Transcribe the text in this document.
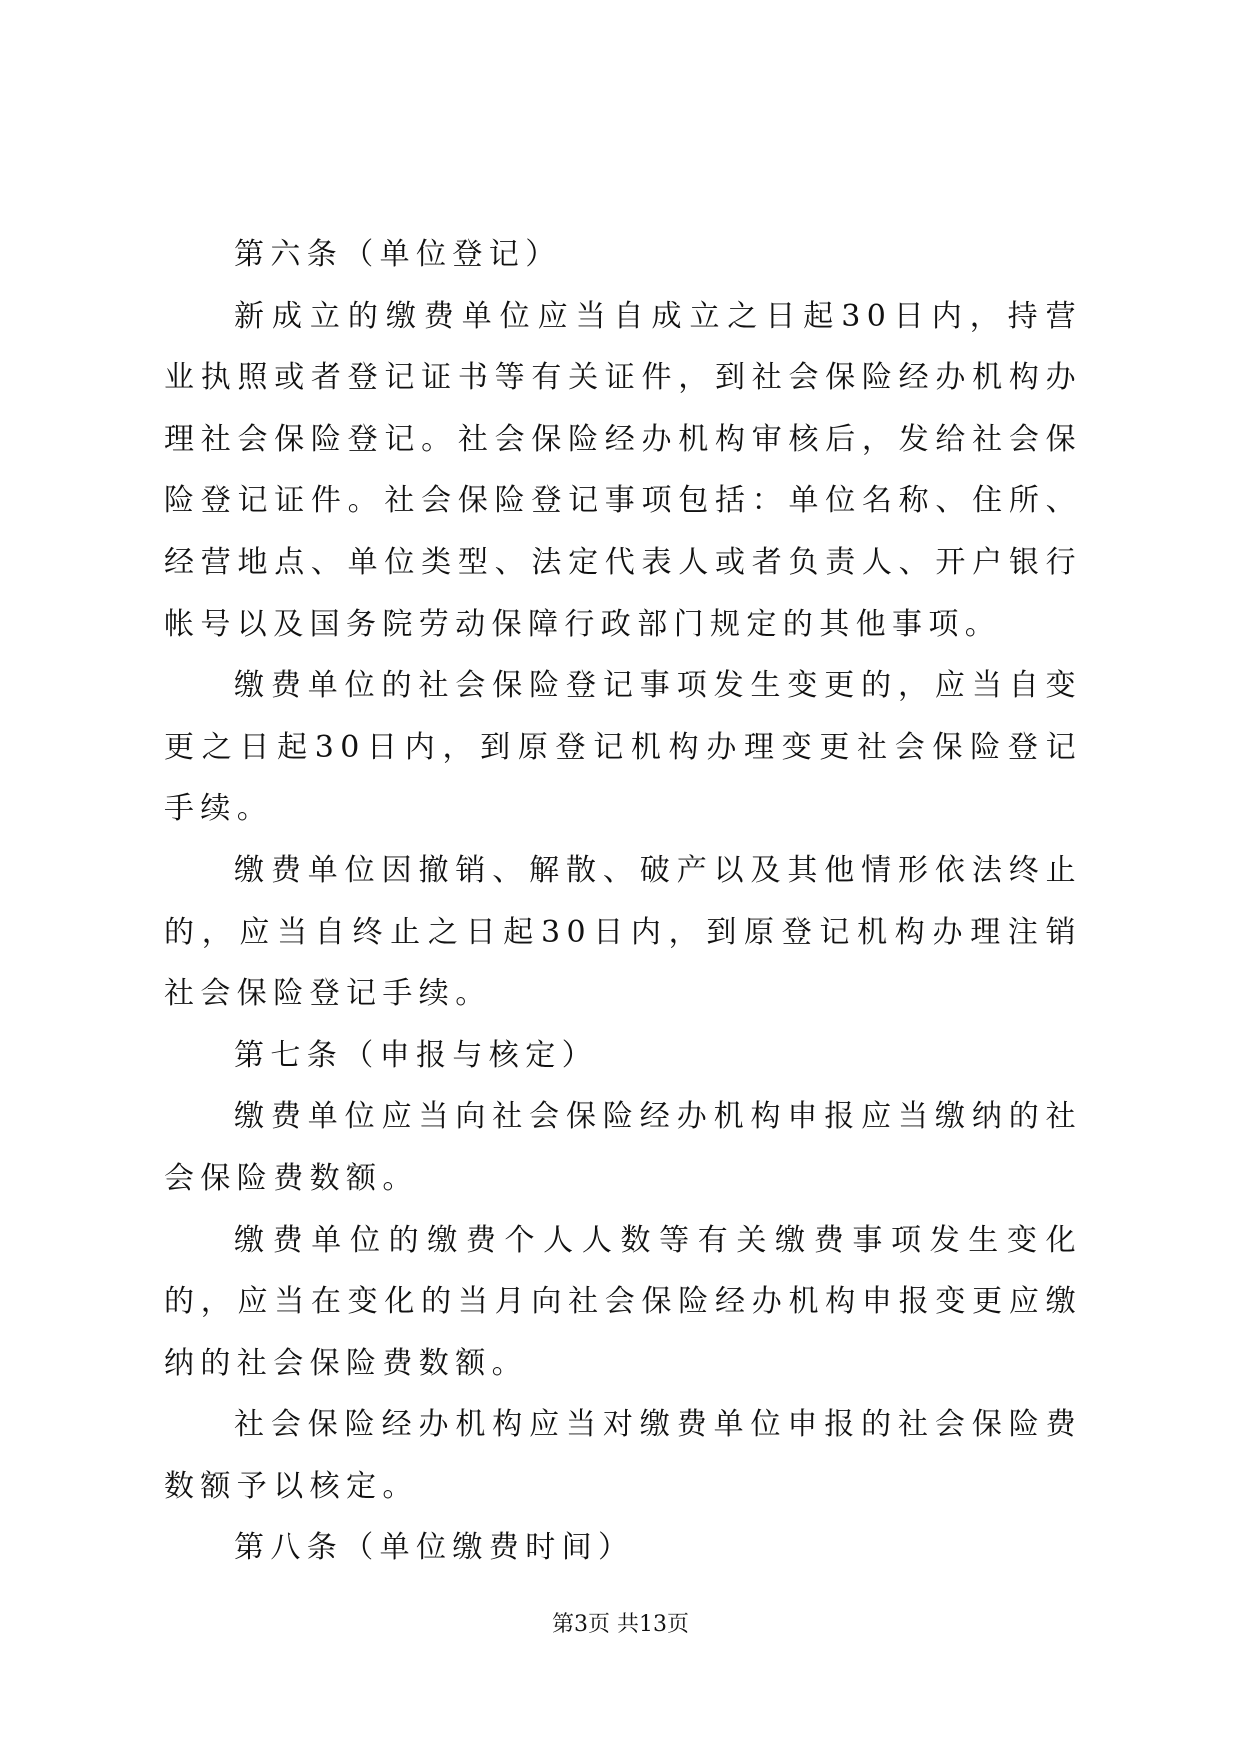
第六条（单位登记）

新成立的缴费单位应当自成立之日起30日内，持营业执照或者登记证书等有关证件，到社会保险经办机构办理社会保险登记。社会保险经办机构审核后，发给社会保险登记证件。社会保险登记事项包括：单位名称、住所、经营地点、单位类型、法定代表人或者负责人、开户银行帐号以及国务院劳动保障行政部门规定的其他事项。

缴费单位的社会保险登记事项发生变更的，应当自变更之日起30日内，到原登记机构办理变更社会保险登记手续。

缴费单位因撤销、解散、破产以及其他情形依法终止的，应当自终止之日起30日内，到原登记机构办理注销社会保险登记手续。

第七条（申报与核定）

缴费单位应当向社会保险经办机构申报应当缴纳的社会保险费数额。

缴费单位的缴费个人人数等有关缴费事项发生变化的，应当在变化的当月向社会保险经办机构申报变更应缴纳的社会保险费数额。

社会保险经办机构应当对缴费单位申报的社会保险费数额予以核定。

第八条（单位缴费时间）

第3页 共13页
